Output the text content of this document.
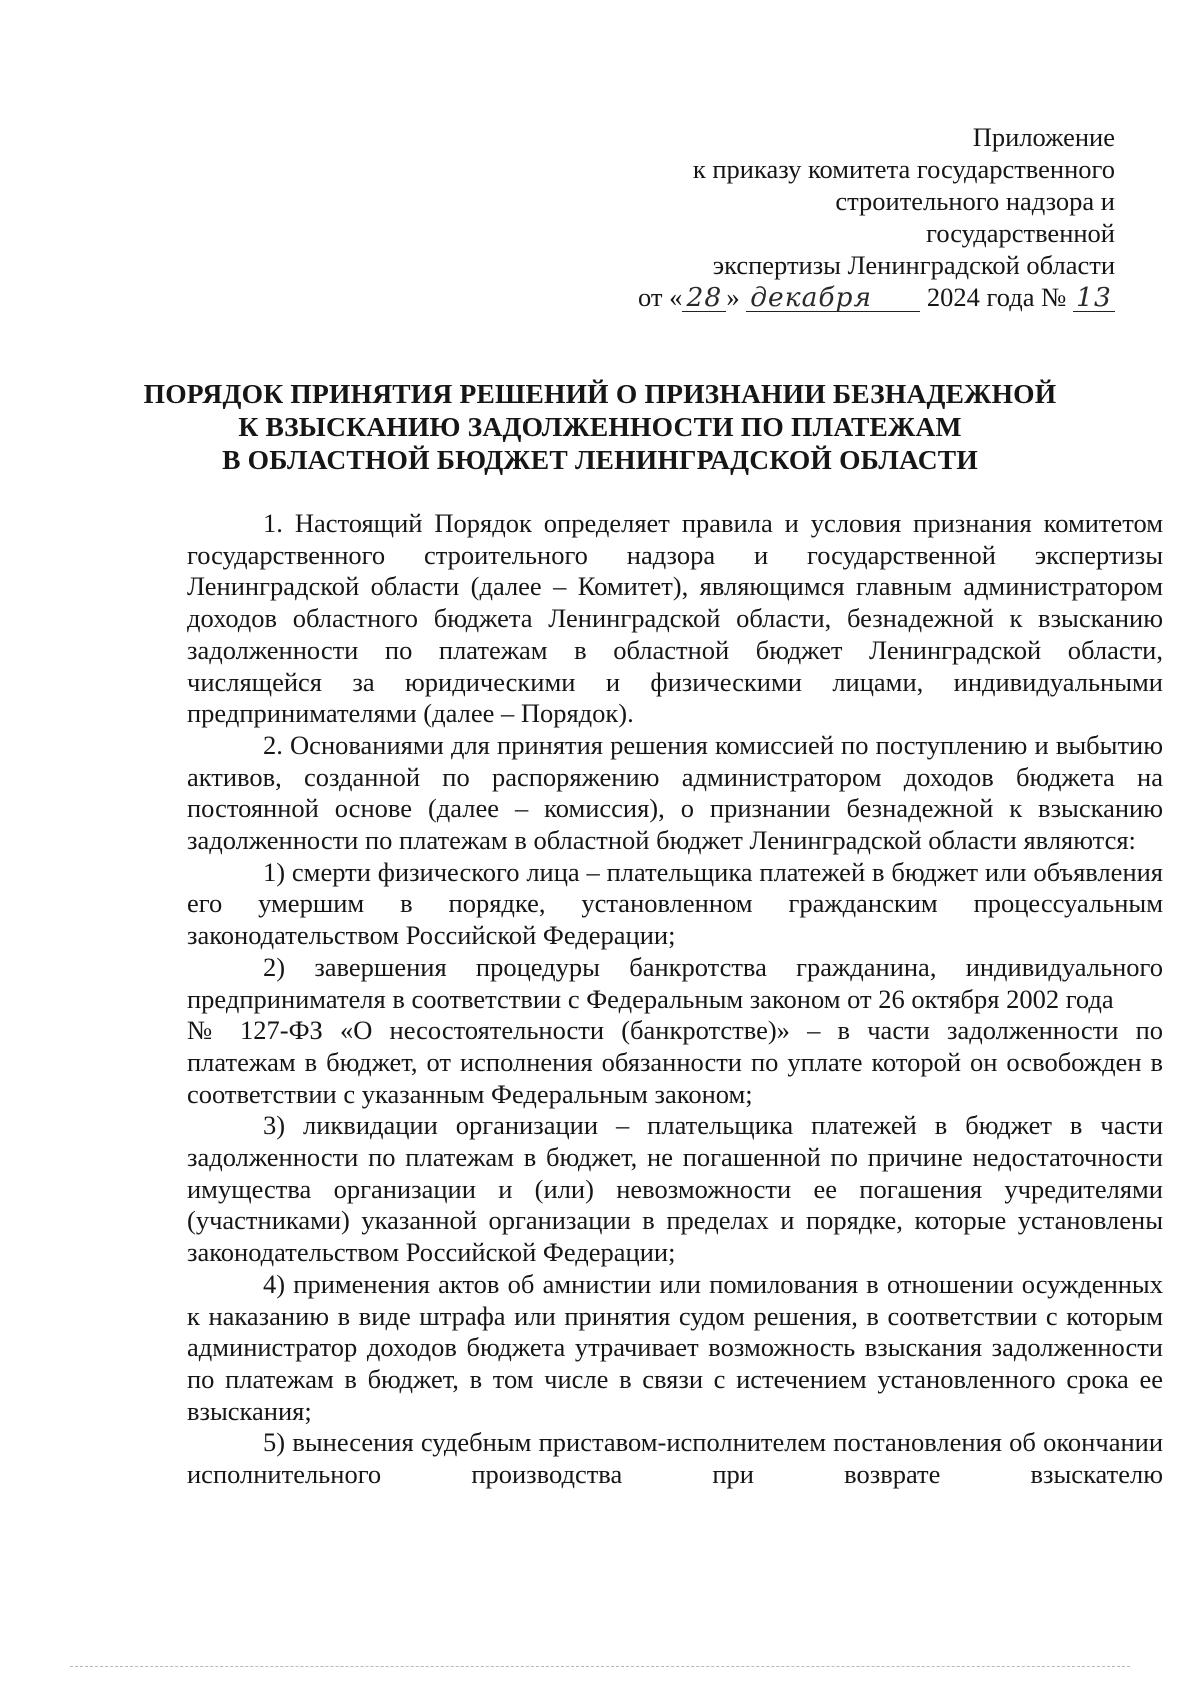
Приложение
к приказу комитета государственного
строительного надзора и
государственной
экспертизы Ленинградской области
от « 28 » декабря 2024 года № 13
ПОРЯДОК ПРИНЯТИЯ РЕШЕНИЙ О ПРИЗНАНИИ БЕЗНАДЕЖНОЙ
К ВЗЫСКАНИЮ ЗАДОЛЖЕННОСТИ ПО ПЛАТЕЖАМ
В ОБЛАСТНОЙ БЮДЖЕТ ЛЕНИНГРАДСКОЙ ОБЛАСТИ

1. Настоящий Порядок определяет правила и условия признания комитетом государственного строительного надзора и государственной экспертизы Ленинградской области (далее – Комитет), являющимся главным администратором доходов областного бюджета Ленинградской области, безнадежной к взысканию задолженности по платежам в областной бюджет Ленинградской области, числящейся за юридическими и физическими лицами, индивидуальными предпринимателями (далее – Порядок).

2. Основаниями для принятия решения комиссией по поступлению и выбытию активов, созданной по распоряжению администратором доходов бюджета на постоянной основе (далее – комиссия), о признании безнадежной к взысканию задолженности по платежам в областной бюджет Ленинградской области являются:

1) смерти физического лица – плательщика платежей в бюджет или объявления его умершим в порядке, установленном гражданским процессуальным законодательством Российской Федерации;

2) завершения процедуры банкротства гражданина, индивидуального предпринимателя в соответствии с Федеральным законом от 26 октября 2002 года

№ 127-ФЗ «О несостоятельности (банкротстве)» – в части задолженности по платежам в бюджет, от исполнения обязанности по уплате которой он освобожден в соответствии с указанным Федеральным законом;

3) ликвидации организации – плательщика платежей в бюджет в части задолженности по платежам в бюджет, не погашенной по причине недостаточности имущества организации и (или) невозможности ее погашения учредителями (участниками) указанной организации в пределах и порядке, которые установлены законодательством Российской Федерации;

4) применения актов об амнистии или помилования в отношении осужденных к наказанию в виде штрафа или принятия судом решения, в соответствии с которым администратор доходов бюджета утрачивает возможность взыскания задолженности по платежам в бюджет, в том числе в связи с истечением установленного срока ее взыскания;

5) вынесения судебным приставом-исполнителем постановления об окончании исполнительного производства при возврате взыскателю
